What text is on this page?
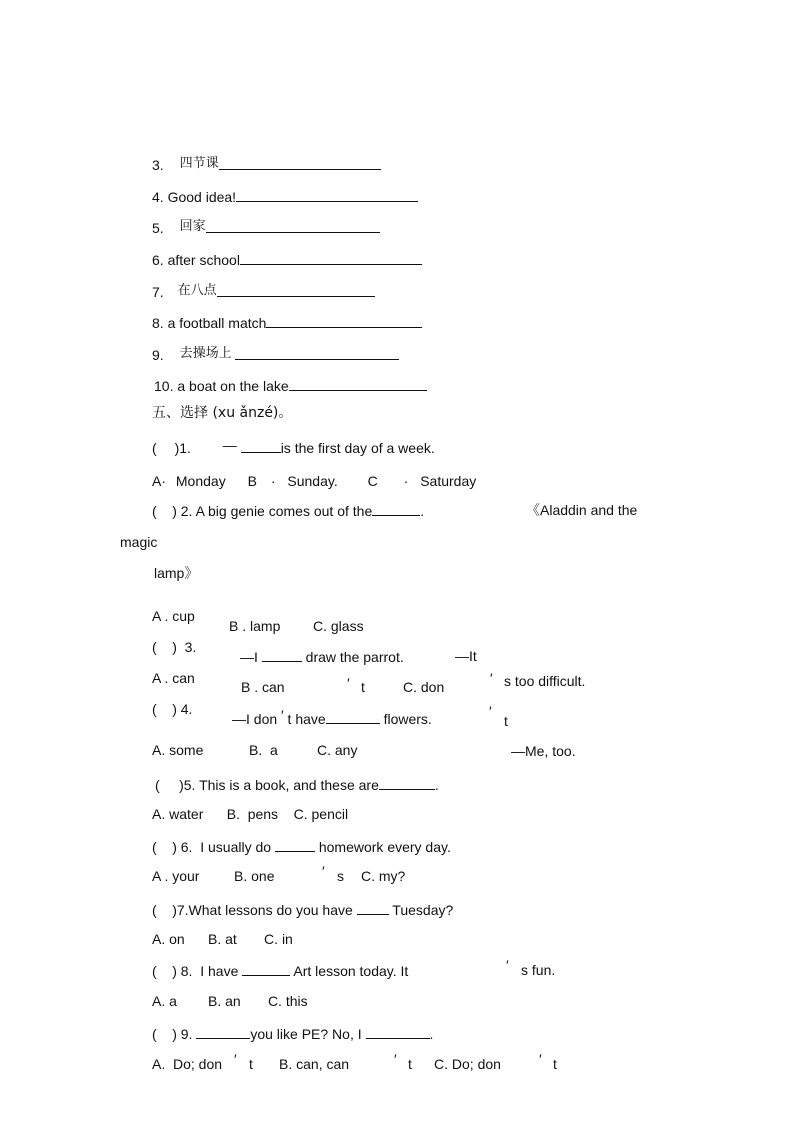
3. 四节课
4. Good idea!
5. 回家
6. after school
7. 在八点
8. a football match
9. 去操场上
10. a boat on the lake
五、选择 (xu ǎnzé)。
( )1. —	is the first day of a week.
A· Monday B · Sunday. C · Saturday
(    ) 2. A big genie comes out of the	.	《Aladdin and the
magic
lamp》
A . cup
B . lamp C. glass
(    )  3.
—I	draw the parrot.	—It
A . can
B . can	′ t	C. don
′ s too difficult.
(    ) 4.
—I don ′ t have	flowers.	′
t
A. some	B.  a	C. any	—Me, too.
(     )5. This is a book, and these are	.
A. water      B.  pens    C. pencil
(    ) 6.  I usually do	homework every day.
A . your B. one	′ s C. my?
(    )7.What lessons do you have	Tuesday?
A. on      B. at       C. in
(    ) 8.  I have	Art lesson today. It	′ s fun.
A. a        B. an       C. this
(    ) 9.	you like PE? No, I	.
A.  Do; don ′ t B. can, can	′ t C. Do; don	′ t
